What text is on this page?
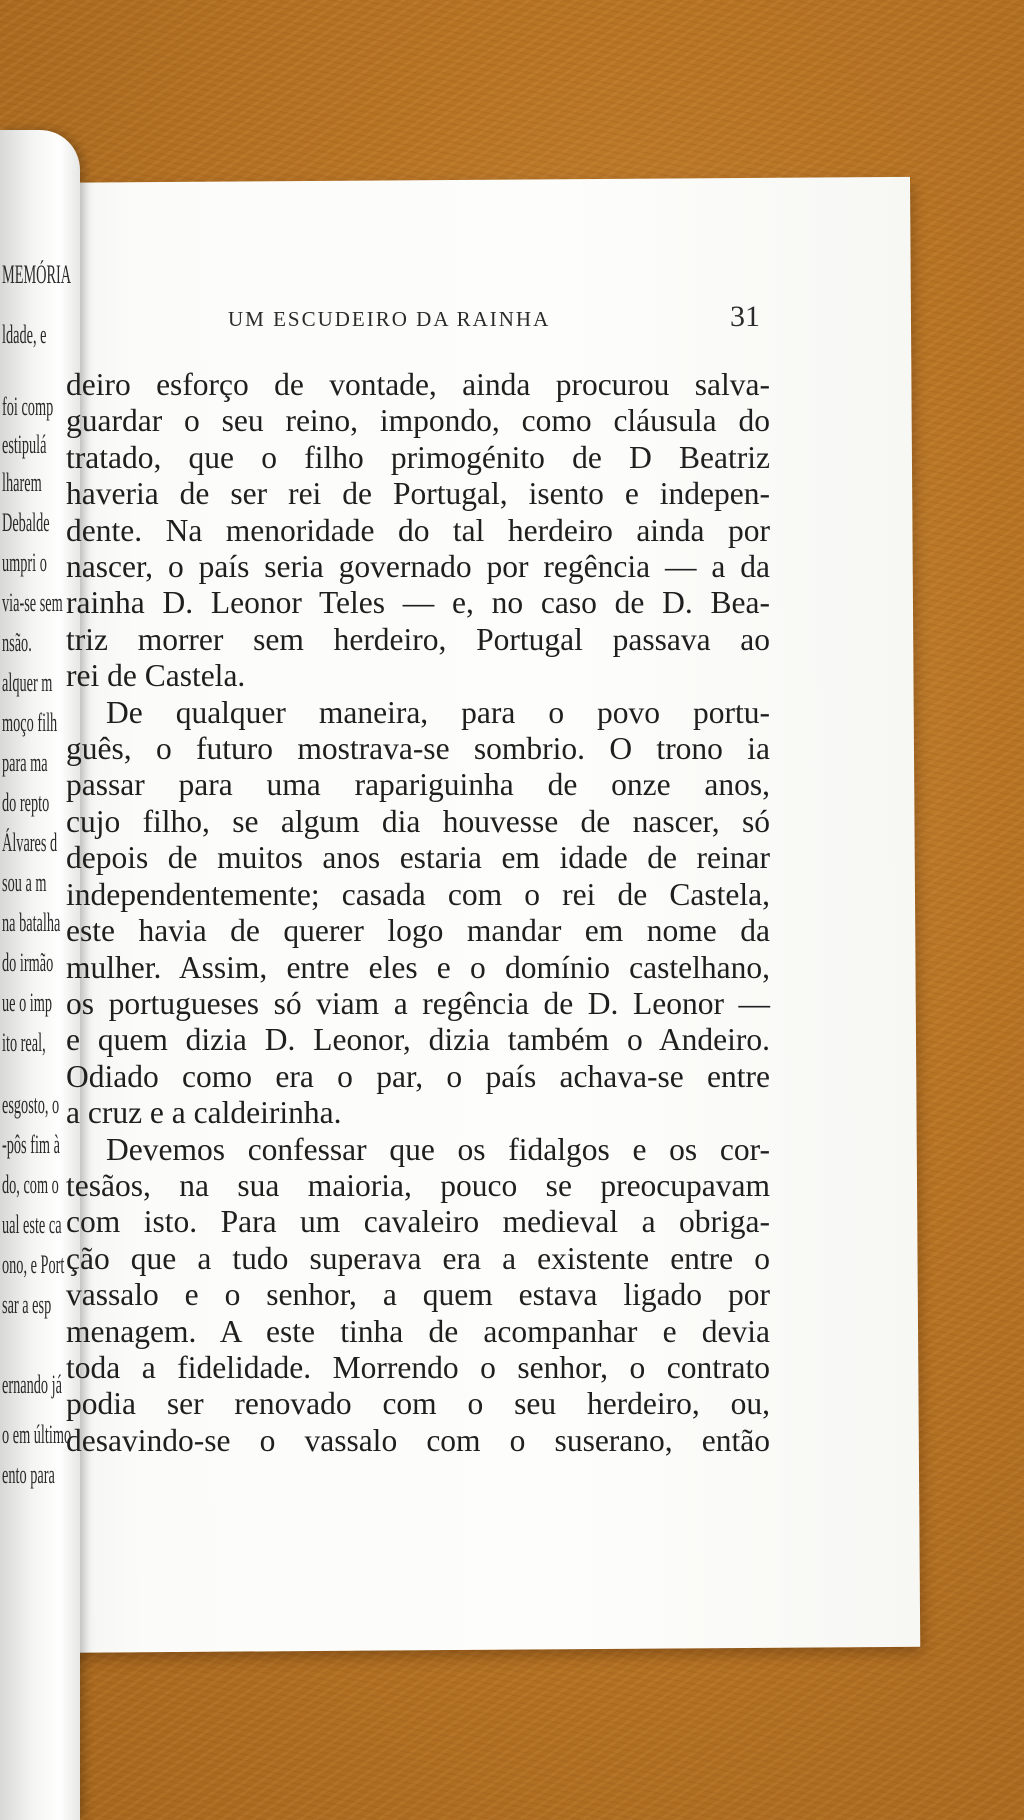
MEMÓRIA
ldade, e
foi comp
estipulá
lharem
Debalde
umpri o
via-se sem
nsão.
alquer m
moço filh
para ma
do repto
Álvares d
sou a m
na batalha
do irmão
ue o imp
ito real,
esgosto, o
-pôs fim à
do, com o
ual este ca
ono, e Port
sar a esp
ernando já
o em último
ento para
UM ESCUDEIRO DA RAINHA	31
deiro esforço de vontade, ainda procurou salva-
guardar o seu reino, impondo, como cláusula do
tratado, que o filho primogénito de D Beatriz
haveria de ser rei de Portugal, isento e indepen-
dente. Na menoridade do tal herdeiro ainda por
nascer, o país seria governado por regência — a da
rainha D. Leonor Teles — e, no caso de D. Bea-
triz morrer sem herdeiro, Portugal passava ao
rei de Castela.
De qualquer maneira, para o povo portu-
guês, o futuro mostrava-se sombrio. O trono ia
passar para uma rapariguinha de onze anos,
cujo filho, se algum dia houvesse de nascer, só
depois de muitos anos estaria em idade de reinar
independentemente; casada com o rei de Castela,
este havia de querer logo mandar em nome da
mulher. Assim, entre eles e o domínio castelhano,
os portugueses só viam a regência de D. Leonor —
e quem dizia D. Leonor, dizia também o Andeiro.
Odiado como era o par, o país achava-se entre
a cruz e a caldeirinha.
Devemos confessar que os fidalgos e os cor-
tesãos, na sua maioria, pouco se preocupavam
com isto. Para um cavaleiro medieval a obriga-
ção que a tudo superava era a existente entre o
vassalo e o senhor, a quem estava ligado por
menagem. A este tinha de acompanhar e devia
toda a fidelidade. Morrendo o senhor, o contrato
podia ser renovado com o seu herdeiro, ou,
desavindo-se o vassalo com o suserano, então
